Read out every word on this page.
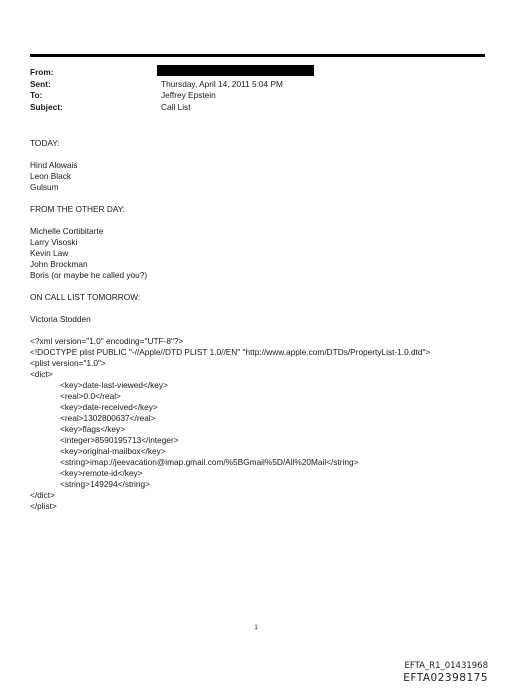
From:
Sent:	Thursday, April 14, 2011 5:04 PM
To:	Jeffrey Epstein
Subject:	Call List
TODAY:
Hind Alowais
Leon Black
Gulsum
FROM THE OTHER DAY:
Michelle Cortibitarte
Larry Visoski
Kevin Law
John Brockman
Boris (or maybe he called you?)
ON CALL LIST TOMORROW:
Victoria Stodden
<?xml version="1.0" encoding="UTF-8"?>
<!DOCTYPE plist PUBLIC "-//Apple//DTD PLIST 1.0//EN" "http://www.apple.com/DTDs/PropertyList-1.0.dtd">
<plist version="1.0">
<dict>
<key>date-last-viewed</key>
<real>0.0</real>
<key>date-received</key>
<real>1302800637</real>
<key>flags</key>
<integer>8590195713</integer>
<key>original-mailbox</key>
<string>imap://jeevacation@imap.gmail.com/%5BGmail%5D/All%20Mail</string>
<key>remote-id</key>
<string>149294</string>
</dict>
</plist>
1
EFTA_R1_01431968
EFTA02398175
